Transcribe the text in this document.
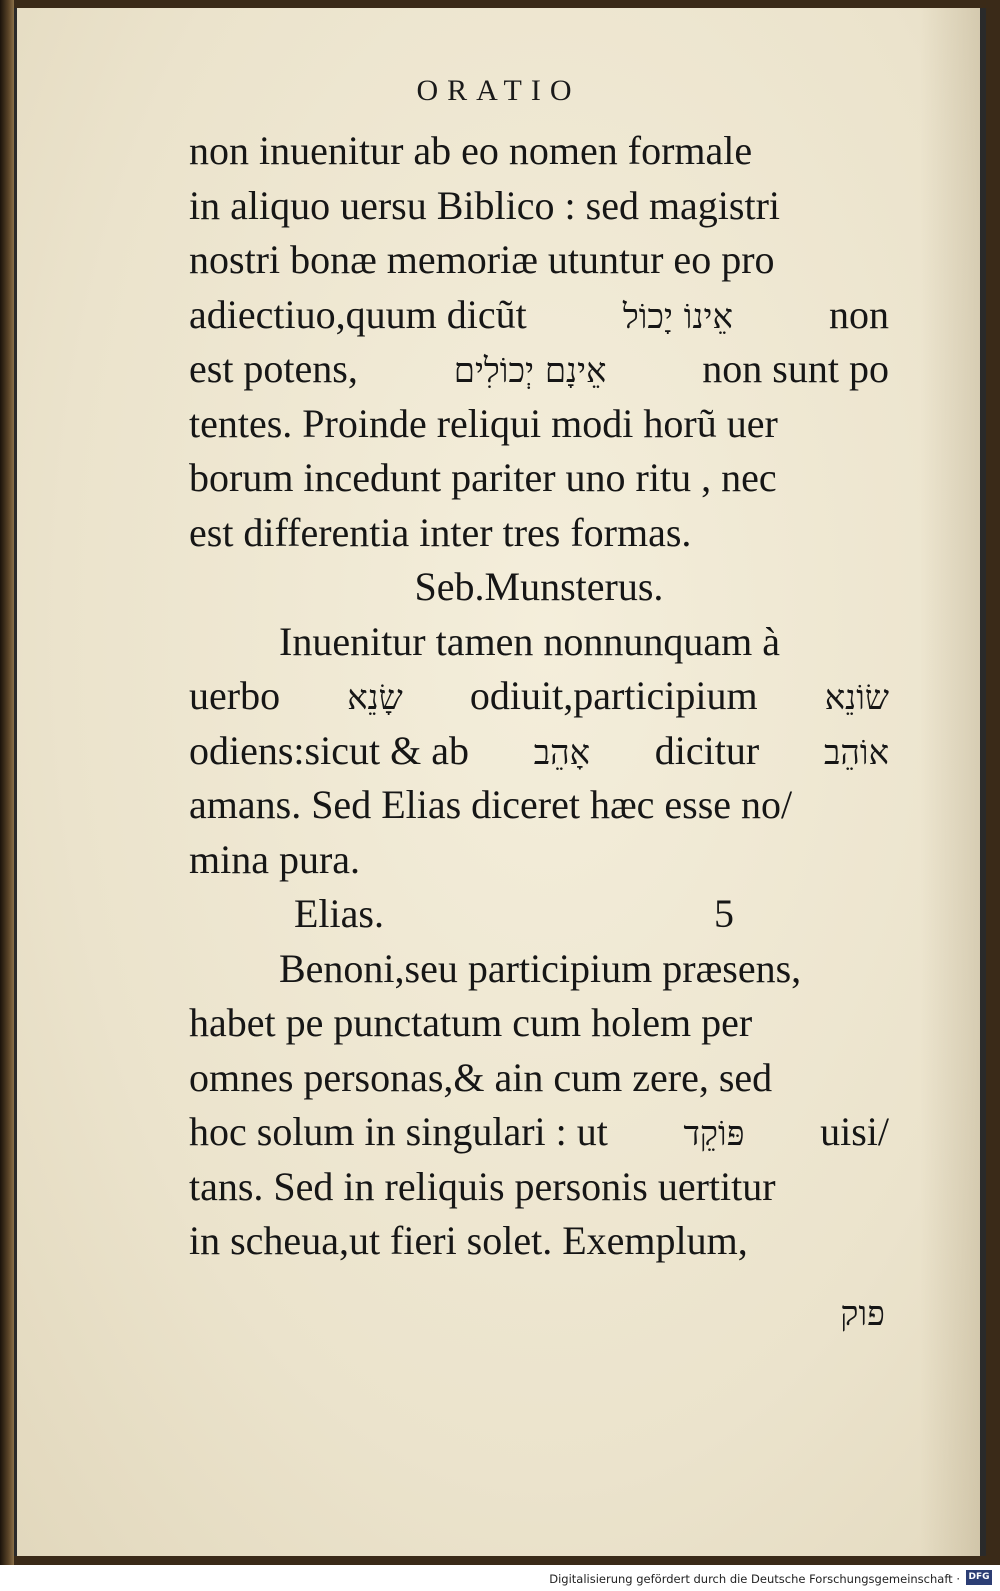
ORATIO
non inuenitur ab eo nomen formale
in aliquo uersu Biblico : sed magistri
nostri bonæ memoriæ utuntur eo pro
adiectiuo,quum dicũt	אֵינוֹ יָכוֹל non
est potens,	אֵינָם יְכוֹלִים non sunt po
tentes. Proinde reliqui modi horũ uer
borum incedunt pariter uno ritu , nec
est differentia inter tres formas.
Seb.Munsterus.
Inuenitur tamen nonnunquam à
uerbo שָׂנֵא odiuit,participium שׂוֹנֵא
odiens:sicut & ab אָהֵב dicitur אוֹהֵב
amans. Sed Elias diceret hæc esse no/
mina pura.
Elias.	5
Benoni,seu participium præsens,
habet pe punctatum cum holem per
omnes personas,& ain cum zere, sed
hoc solum in singulari : ut פּוֹקֵד uisi/
tans. Sed in reliquis personis uertitur
in scheua,ut fieri solet. Exemplum,
פוק
Digitalisierung gefördert durch die Deutsche Forschungsgemeinschaft · DFG
